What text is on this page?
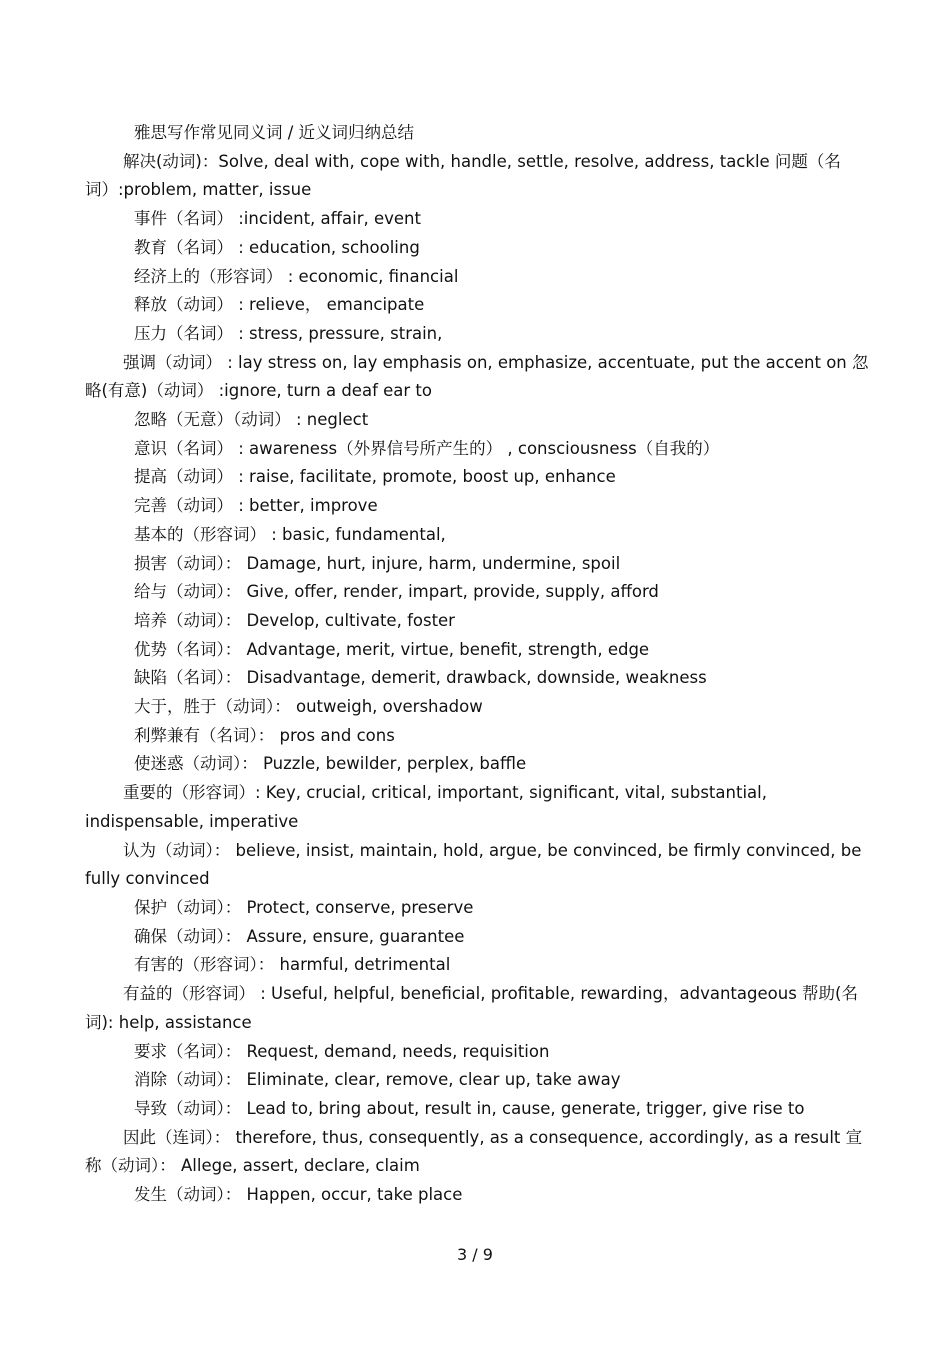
雅思写作常见同义词 / 近义词归纳总结
解决(动词)：Solve, deal with, cope with, handle, settle, resolve, address, tackle 问题（名词）:problem, matter, issue
事件（名词） :incident, affair, event
教育（名词） : education, schooling
经济上的（形容词） : economic, financial
释放（动词） : relieve， emancipate
压力（名词） : stress, pressure, strain,
强调（动词） : lay stress on, lay emphasis on, emphasize, accentuate, put the accent on 忽略(有意)（动词） :ignore, turn a deaf ear to
忽略（无意）（动词） : neglect
意识（名词） : awareness（外界信号所产生的） , consciousness（自我的）
提高（动词） : raise, facilitate, promote, boost up, enhance
完善（动词） : better, improve
基本的（形容词） : basic, fundamental,
损害（动词）： Damage, hurt, injure, harm, undermine, spoil
给与（动词）： Give, offer, render, impart, provide, supply, afford
培养（动词）： Develop, cultivate, foster
优势（名词）： Advantage, merit, virtue, benefit, strength, edge
缺陷（名词）： Disadvantage, demerit, drawback, downside, weakness
大于，胜于（动词）： outweigh, overshadow
利弊兼有（名词）： pros and cons
使迷惑（动词）： Puzzle, bewilder, perplex, baffle
重要的（形容词）: Key, crucial, critical, important, significant, vital, substantial, indispensable, imperative
认为（动词）： believe, insist, maintain, hold, argue, be convinced, be firmly convinced, be fully convinced
保护（动词）： Protect, conserve, preserve
确保（动词）： Assure, ensure, guarantee
有害的（形容词）： harmful, detrimental
有益的（形容词） : Useful, helpful, beneficial, profitable, rewarding，advantageous 帮助(名词): help, assistance
要求（名词）： Request, demand, needs, requisition
消除（动词）： Eliminate, clear, remove, clear up, take away
导致（动词）： Lead to, bring about, result in, cause, generate, trigger, give rise to
因此（连词）： therefore, thus, consequently, as a consequence, accordingly, as a result 宣称（动词）： Allege, assert, declare, claim
发生（动词）： Happen, occur, take place
3 / 9
